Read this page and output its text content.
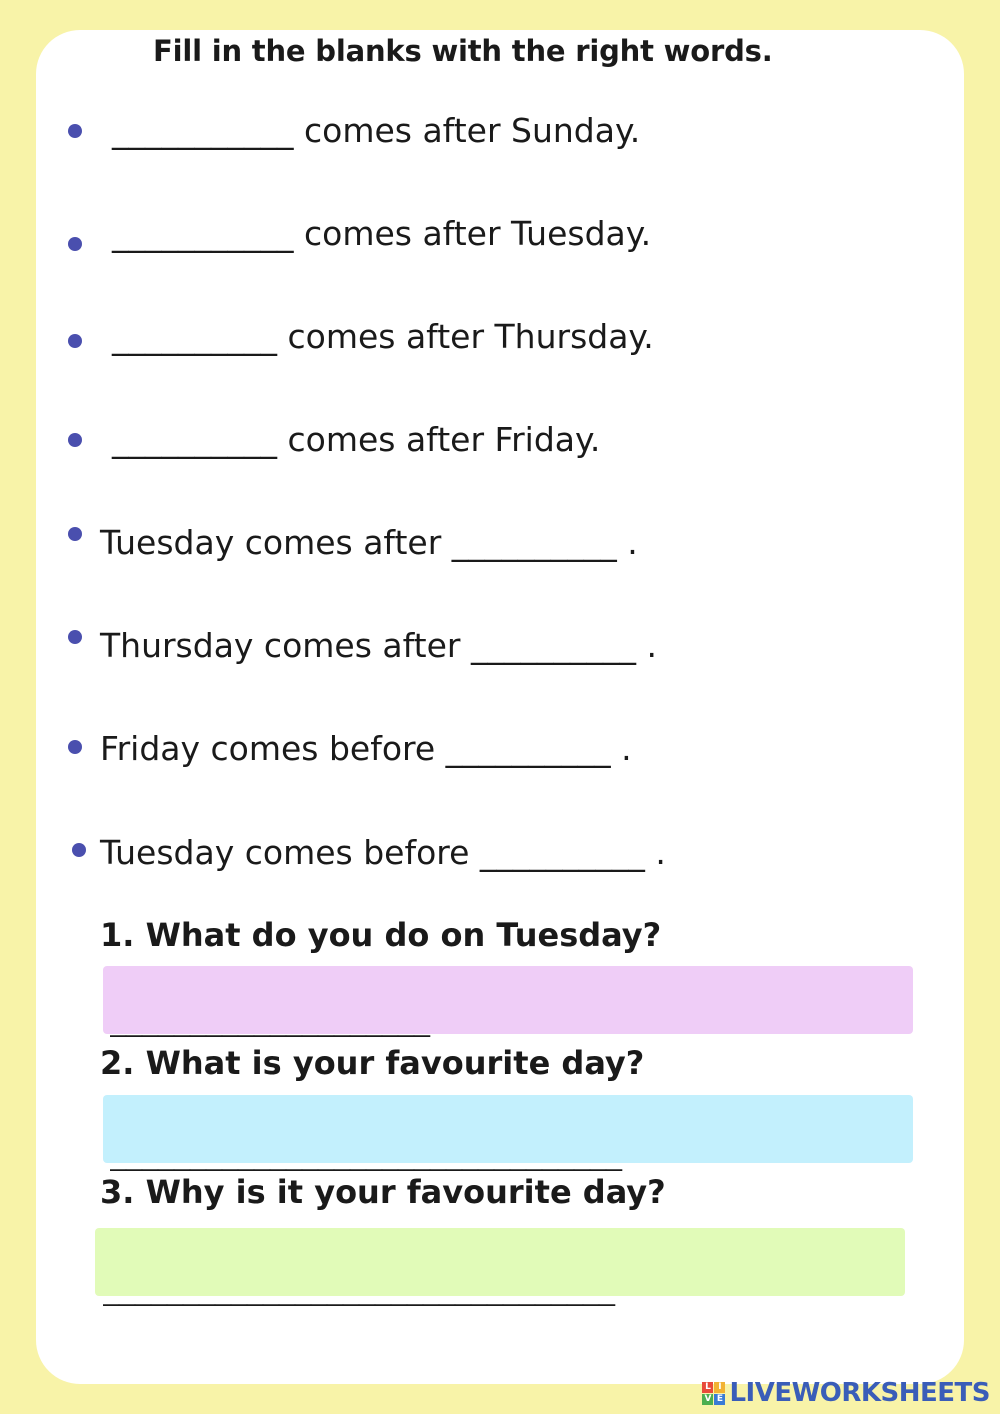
Fill in the blanks with the right words.
___________ comes after Sunday.
___________ comes after Tuesday.
__________ comes after Thursday.
__________ comes after Friday.
Tuesday comes after __________ .
Thursday comes after __________ .
Friday comes before __________ .
Tuesday comes before __________ .
1. What do you do on Tuesday?
____________________
2. What is your favourite day?
________________________________
3. Why is it your favourite day?
________________________________
L I
V E LIVEWORKSHEETS
